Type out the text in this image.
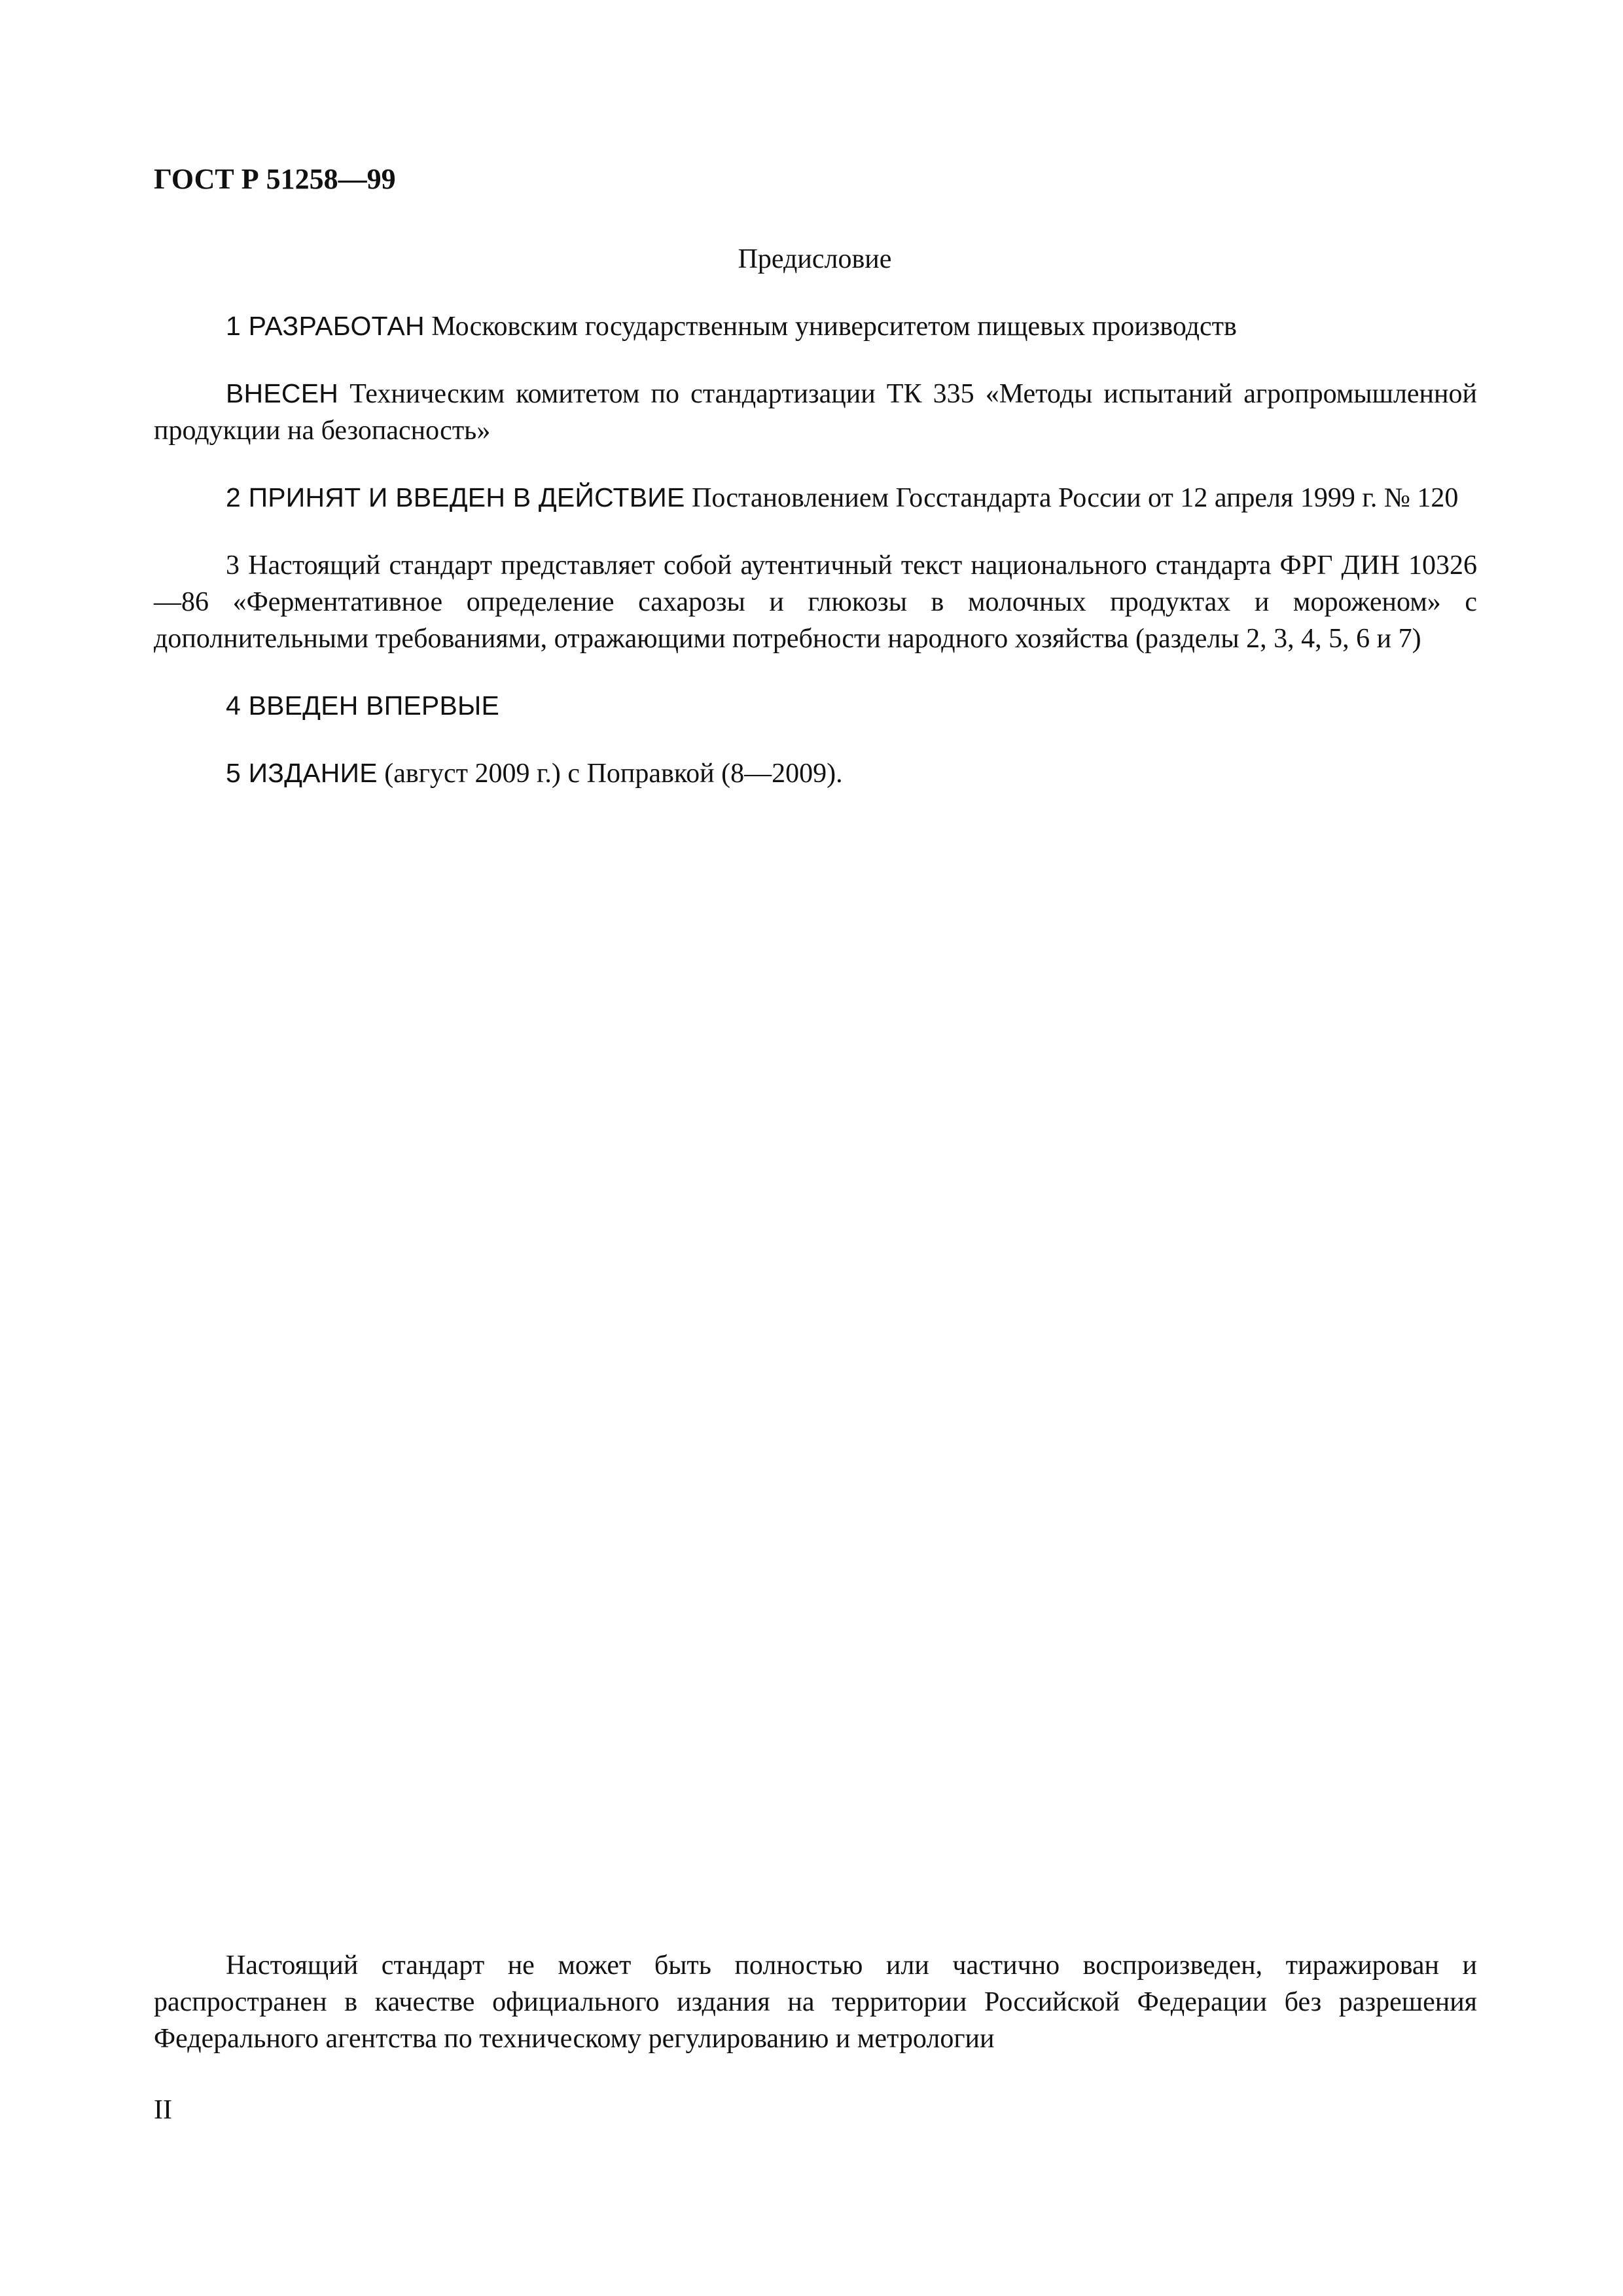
ГОСТ Р 51258—99
Предисловие

1 РАЗРАБОТАН Московским государственным университетом пищевых производств

ВНЕСЕН Техническим комитетом по стандартизации ТК 335 «Методы испытаний агропромышленной продукции на безопасность»

2 ПРИНЯТ И ВВЕДЕН В ДЕЙСТВИЕ Постановлением Госстандарта России от 12 апреля 1999 г. № 120

3 Настоящий стандарт представляет собой аутентичный текст национального стандарта ФРГ ДИН 10326—86 «Ферментативное определение сахарозы и глюкозы в молочных продуктах и мороженом» с дополнительными требованиями, отражающими потребности народного хозяйства (разделы 2, 3, 4, 5, 6 и 7)

4 ВВЕДЕН ВПЕРВЫЕ

5 ИЗДАНИЕ (август 2009 г.) с Поправкой (8—2009).

Настоящий стандарт не может быть полностью или частично воспроизведен, тиражирован и распространен в качестве официального издания на территории Российской Федерации без разрешения Федерального агентства по техническому регулированию и метрологии

II
